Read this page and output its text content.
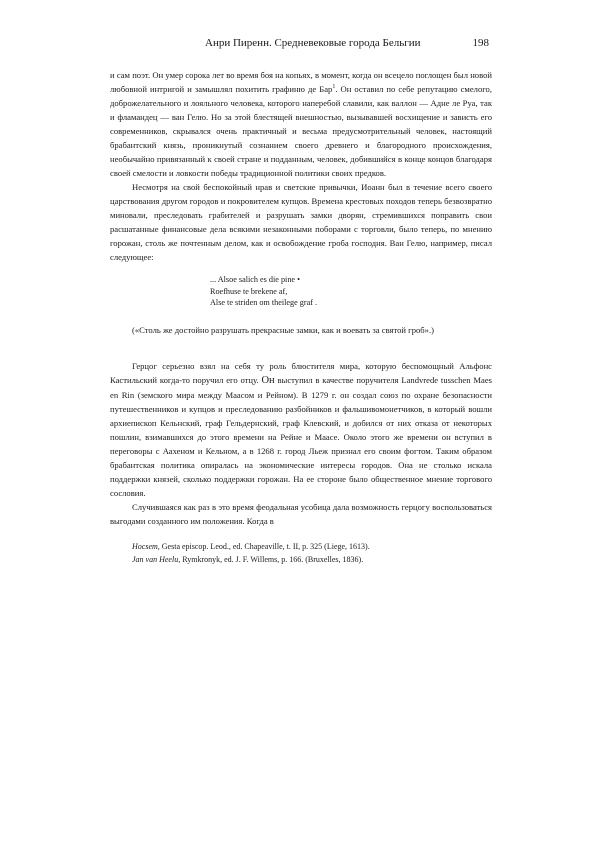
Анри Пиренн. Средневековые города Бельгии	198

и сам поэт. Он умер сорока лет во время боя на копьях, в момент, когда он всецело поглощен был новой любовной интригой и замышлял похитить графиню де Бар$^1$. Он оставил по себе репутацию смелого, доброжелательного и лояльного человека, которого наперебой славили, как валлон — Адне ле Руа, так и фламандец — ван Гелю. Но за этой блестящей внешностью, вызывавшей восхищение и зависть его современников, скрывался очень практичный и весьма предусмотрительный человек, настоящий брабантский князь, проникнутый сознанием своего древнего и благородного происхождения, необычайно привязанный к своей стране и подданным, человек, добившийся в конце концов благодаря своей смелости и ловкости победы традиционной политики своих предков.

Несмотря на свой беспокойный нрав и светские привычки, Иоанн был в течение всего своего царствования другом городов и покровителем купцов. Времена крестовых походов теперь безвозвратно миновали, преследовать грабителей и разрушать замки дворян, стремившихся поправить свои расшатанные финансовые дела всякими незаконными поборами с торговли, было теперь, по мнению горожан, столь же почтенным делом, как и освобождение гроба господня. Ван Гелю, например, писал следующее:

... Alsoe salich es die pine •
Roefhuse te brekene af,
Alse te striden om theilege graf .

(«Столь же достойно разрушать прекрасные замки, как и воевать за святой гроб».)

Герцог серьезно взял на себя ту роль блюстителя мира, которую беспомощный Альфонс Кастильский когда-то поручил его отцу. Он выступил в качестве поручителя Landvrede tusschen Maes en Rin (земского мира между Маасом и Рейном). В 1279 г. он создал союз по охране безопасности путешественников и купцов и преследованию разбойников и фальшивомонетчиков, в который вошли архиепископ Кельнский, граф Гельдернский, граф Клевский, и добился от них отказа от некоторых пошлин, взимавшихся до этого времени на Рейне и Маасе. Около этого же времени он вступил в переговоры с Аахеном и Кельном, а в 1268 г. город Льеж признал его своим фогтом. Таким образом брабантская политика опиралась на экономические интересы городов. Она не столько искала поддержки князей, сколько поддержки горожан. На ее стороне было общественное мнение торгового сословия.

Случившаяся как раз в это время феодальная усобица дала возможность герцогу воспользоваться выгодами созданного им положения. Когда в

Hocsem, Gesta episcop. Leod., ed. Chapeaville, t. II, p. 325 (Liege, 1613).
Jan van Heelu, Rymkronyk, ed. J. F. Willems, p. 166. (Bruxelles, 1836).
